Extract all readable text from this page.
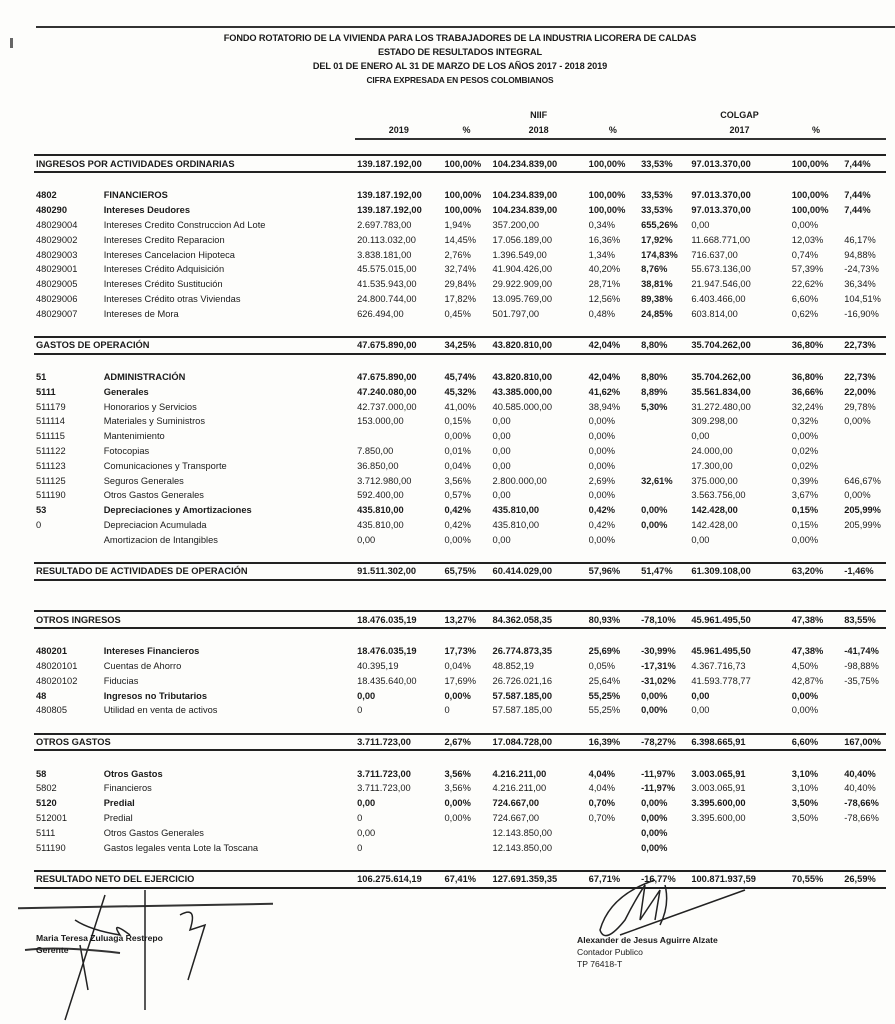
FONDO ROTATORIO DE LA VIVIENDA PARA LOS TRABAJADORES DE LA INDUSTRIA LICORERA DE CALDAS
ESTADO DE RESULTADOS INTEGRAL
DEL 01 DE ENERO AL 31 DE MARZO DE LOS AÑOS 2017 - 2018 2019
CIFRA EXPRESADA EN PESOS COLOMBIANOS
				NIIF			COLGAP		
		2019	%	2018	%		2017	%	

INGRESOS POR ACTIVIDADES ORDINARIAS		139.187.192,00	100,00%	104.234.839,00	100,00%	33,53%	97.013.370,00	100,00%	7,44%

4802	FINANCIEROS	139.187.192,00	100,00%	104.234.839,00	100,00%	33,53%	97.013.370,00	100,00%	7,44%
480290	Intereses Deudores	139.187.192,00	100,00%	104.234.839,00	100,00%	33,53%	97.013.370,00	100,00%	7,44%
48029004	Intereses Credito Construccion Ad Lote	2.697.783,00	1,94%	357.200,00	0,34%	655,26%	0,00	0,00%	
48029002	Intereses Credito Reparacion	20.113.032,00	14,45%	17.056.189,00	16,36%	17,92%	11.668.771,00	12,03%	46,17%
48029003	Intereses Cancelacion Hipoteca	3.838.181,00	2,76%	1.396.549,00	1,34%	174,83%	716.637,00	0,74%	94,88%
48029001	Intereses Crédito Adquisición	45.575.015,00	32,74%	41.904.426,00	40,20%	8,76%	55.673.136,00	57,39%	-24,73%
48029005	Intereses Crédito Sustitución	41.535.943,00	29,84%	29.922.909,00	28,71%	38,81%	21.947.546,00	22,62%	36,34%
48029006	Intereses Crédito otras Viviendas	24.800.744,00	17,82%	13.095.769,00	12,56%	89,38%	6.403.466,00	6,60%	104,51%
48029007	Intereses de Mora	626.494,00	0,45%	501.797,00	0,48%	24,85%	603.814,00	0,62%	-16,90%

GASTOS DE OPERACIÓN		47.675.890,00	34,25%	43.820.810,00	42,04%	8,80%	35.704.262,00	36,80%	22,73%

51	ADMINISTRACIÓN	47.675.890,00	45,74%	43.820.810,00	42,04%	8,80%	35.704.262,00	36,80%	22,73%
5111	Generales	47.240.080,00	45,32%	43.385.000,00	41,62%	8,89%	35.561.834,00	36,66%	22,00%
511179	Honorarios y Servicios	42.737.000,00	41,00%	40.585.000,00	38,94%	5,30%	31.272.480,00	32,24%	29,78%
511114	Materiales y Suministros	153.000,00	0,15%	0,00	0,00%		309.298,00	0,32%	0,00%
511115	Mantenimiento		0,00%	0,00	0,00%		0,00	0,00%	
511122	Fotocopias	7.850,00	0,01%	0,00	0,00%		24.000,00	0,02%	
511123	Comunicaciones y Transporte	36.850,00	0,04%	0,00	0,00%		17.300,00	0,02%	
511125	Seguros Generales	3.712.980,00	3,56%	2.800.000,00	2,69%	32,61%	375.000,00	0,39%	646,67%
511190	Otros Gastos Generales	592.400,00	0,57%	0,00	0,00%		3.563.756,00	3,67%	0,00%
53	Depreciaciones y Amortizaciones	435.810,00	0,42%	435.810,00	0,42%	0,00%	142.428,00	0,15%	205,99%
0	Depreciacion Acumulada	435.810,00	0,42%	435.810,00	0,42%	0,00%	142.428,00	0,15%	205,99%
	Amortizacion de Intangibles	0,00	0,00%	0,00	0,00%		0,00	0,00%	

RESULTADO DE ACTIVIDADES DE OPERACIÓN		91.511.302,00	65,75%	60.414.029,00	57,96%	51,47%	61.309.108,00	63,20%	-1,46%

OTROS INGRESOS		18.476.035,19	13,27%	84.362.058,35	80,93%	-78,10%	45.961.495,50	47,38%	83,55%

480201	Intereses Financieros	18.476.035,19	17,73%	26.774.873,35	25,69%	-30,99%	45.961.495,50	47,38%	-41,74%
48020101	Cuentas de Ahorro	40.395,19	0,04%	48.852,19	0,05%	-17,31%	4.367.716,73	4,50%	-98,88%
48020102	Fiducias	18.435.640,00	17,69%	26.726.021,16	25,64%	-31,02%	41.593.778,77	42,87%	-35,75%
48	Ingresos no Tributarios	0,00	0,00%	57.587.185,00	55,25%	0,00%	0,00	0,00%	
480805	Utilidad en venta de activos	0	0	57.587.185,00	55,25%	0,00%	0,00	0,00%	

OTROS GASTOS		3.711.723,00	2,67%	17.084.728,00	16,39%	-78,27%	6.398.665,91	6,60%	167,00%

58	Otros Gastos	3.711.723,00	3,56%	4.216.211,00	4,04%	-11,97%	3.003.065,91	3,10%	40,40%
5802	Financieros	3.711.723,00	3,56%	4.216.211,00	4,04%	-11,97%	3.003.065,91	3,10%	40,40%
5120	Predial	0,00	0,00%	724.667,00	0,70%	0,00%	3.395.600,00	3,50%	-78,66%
512001	Predial	0	0,00%	724.667,00	0,70%	0,00%	3.395.600,00	3,50%	-78,66%
5111	Otros Gastos Generales	0,00		12.143.850,00		0,00%			
511190	Gastos legales venta Lote la Toscana	0		12.143.850,00		0,00%			

RESULTADO NETO DEL EJERCICIO		106.275.614,19	67,41%	127.691.359,35	67,71%	-16,77%	100.871.937,59	70,55%	26,59%
Maria Teresa Zuluaga Restrepo
Gerente
Alexander de Jesus Aguirre Alzate
Contador Publico
TP 76418-T
